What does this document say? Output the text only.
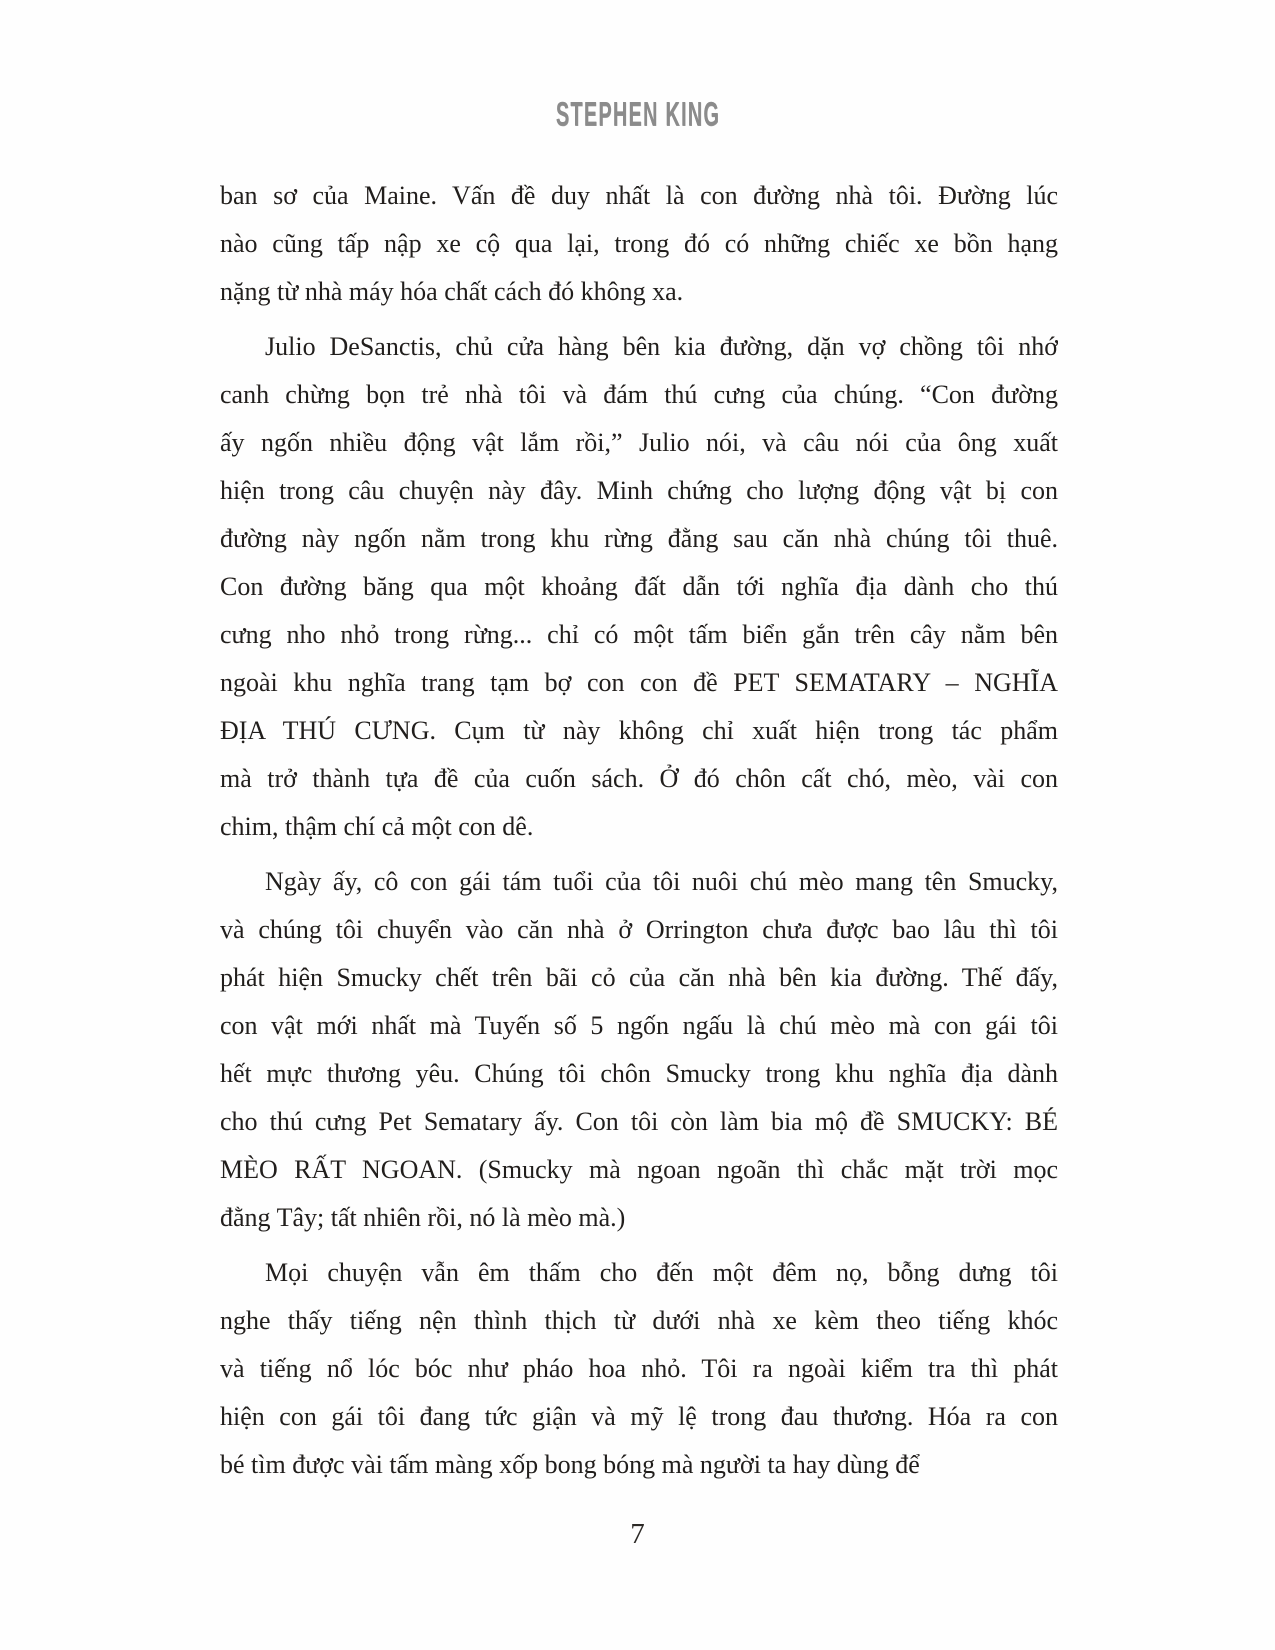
STEPHEN KING
ban sơ của Maine. Vấn đề duy nhất là con đường nhà tôi. Đường lúc
nào cũng tấp nập xe cộ qua lại, trong đó có những chiếc xe bồn hạng
nặng từ nhà máy hóa chất cách đó không xa.
Julio DeSanctis, chủ cửa hàng bên kia đường, dặn vợ chồng tôi nhớ
canh chừng bọn trẻ nhà tôi và đám thú cưng của chúng. “Con đường
ấy ngốn nhiều động vật lắm rồi,” Julio nói, và câu nói của ông xuất
hiện trong câu chuyện này đây. Minh chứng cho lượng động vật bị con
đường này ngốn nằm trong khu rừng đằng sau căn nhà chúng tôi thuê.
Con đường băng qua một khoảng đất dẫn tới nghĩa địa dành cho thú
cưng nho nhỏ trong rừng... chỉ có một tấm biển gắn trên cây nằm bên
ngoài khu nghĩa trang tạm bợ con con đề PET SEMATARY – NGHĨA
ĐỊA THÚ CƯNG. Cụm từ này không chỉ xuất hiện trong tác phẩm
mà trở thành tựa đề của cuốn sách. Ở đó chôn cất chó, mèo, vài con
chim, thậm chí cả một con dê.
Ngày ấy, cô con gái tám tuổi của tôi nuôi chú mèo mang tên Smucky,
và chúng tôi chuyển vào căn nhà ở Orrington chưa được bao lâu thì tôi
phát hiện Smucky chết trên bãi cỏ của căn nhà bên kia đường. Thế đấy,
con vật mới nhất mà Tuyến số 5 ngốn ngấu là chú mèo mà con gái tôi
hết mực thương yêu. Chúng tôi chôn Smucky trong khu nghĩa địa dành
cho thú cưng Pet Sematary ấy. Con tôi còn làm bia mộ đề SMUCKY: BÉ
MÈO RẤT NGOAN. (Smucky mà ngoan ngoãn thì chắc mặt trời mọc
đằng Tây; tất nhiên rồi, nó là mèo mà.)
Mọi chuyện vẫn êm thấm cho đến một đêm nọ, bỗng dưng tôi
nghe thấy tiếng nện thình thịch từ dưới nhà xe kèm theo tiếng khóc
và tiếng nổ lóc bóc như pháo hoa nhỏ. Tôi ra ngoài kiểm tra thì phát
hiện con gái tôi đang tức giận và mỹ lệ trong đau thương. Hóa ra con
bé tìm được vài tấm màng xốp bong bóng mà người ta hay dùng để
7
